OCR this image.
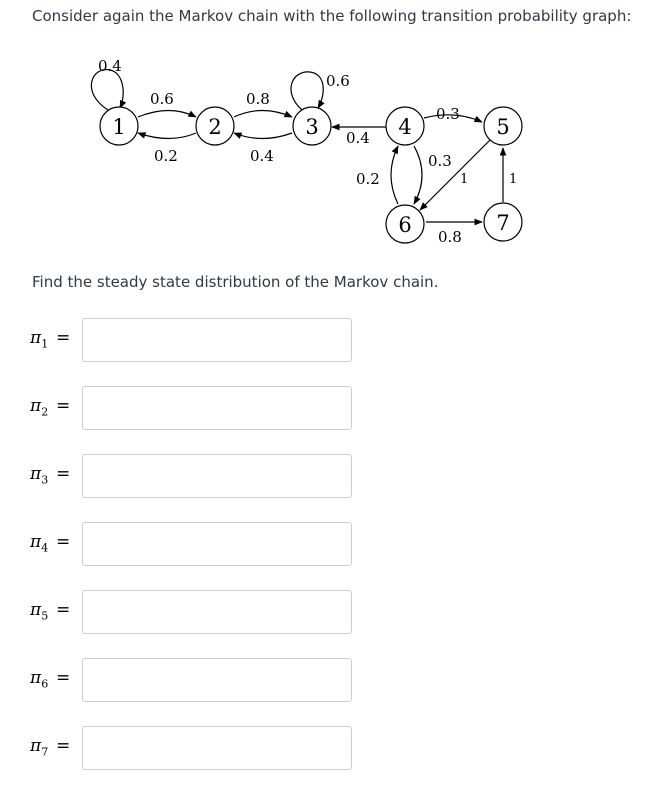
Consider again the Markov chain with the following transition probability graph:
1	2	3	4	5
6	7
0.4
0.6
0.2
0.8
0.4
0.6
0.4
0.3
0.3
1
0.2
0.8
1
Find the steady state distribution of the Markov chain.
$\pi_1$ =
$\pi_2$ =
$\pi_3$ =
$\pi_4$ =
$\pi_5$ =
$\pi_6$ =
$\pi_7$ =
